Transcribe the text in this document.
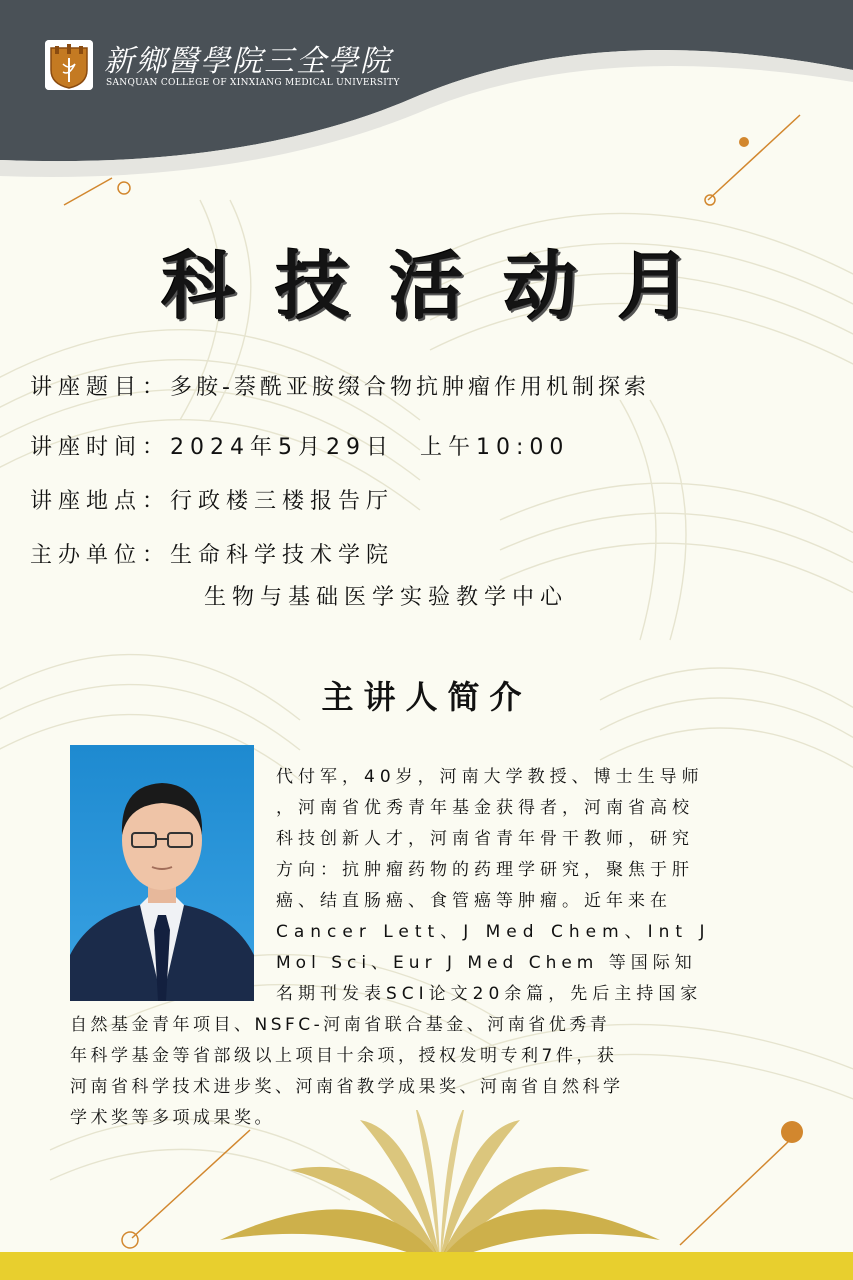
新鄉醫學院三全學院
SANQUAN COLLEGE OF XINXIANG MEDICAL UNIVERSITY
科技活动月
讲座题目：多胺-萘酰亚胺缀合物抗肿瘤作用机制探索
讲座时间：2024年5月29日  上午10:00
讲座地点：行政楼三楼报告厅
主办单位：生命科学技术学院
生物与基础医学实验教学中心
主讲人简介
代付军，40岁，河南大学教授、博士生导师
，河南省优秀青年基金获得者，河南省高校
科技创新人才，河南省青年骨干教师，研究
方向：抗肿瘤药物的药理学研究，聚焦于肝
癌、结直肠癌、食管癌等肿瘤。近年来在
Cancer Lett、J Med Chem、Int J
Mol Sci、Eur J Med Chem 等国际知
名期刊发表SCI论文20余篇，先后主持国家
自然基金青年项目、NSFC-河南省联合基金、河南省优秀青
年科学基金等省部级以上项目十余项，授权发明专利7件，获
河南省科学技术进步奖、河南省教学成果奖、河南省自然科学
学术奖等多项成果奖。
